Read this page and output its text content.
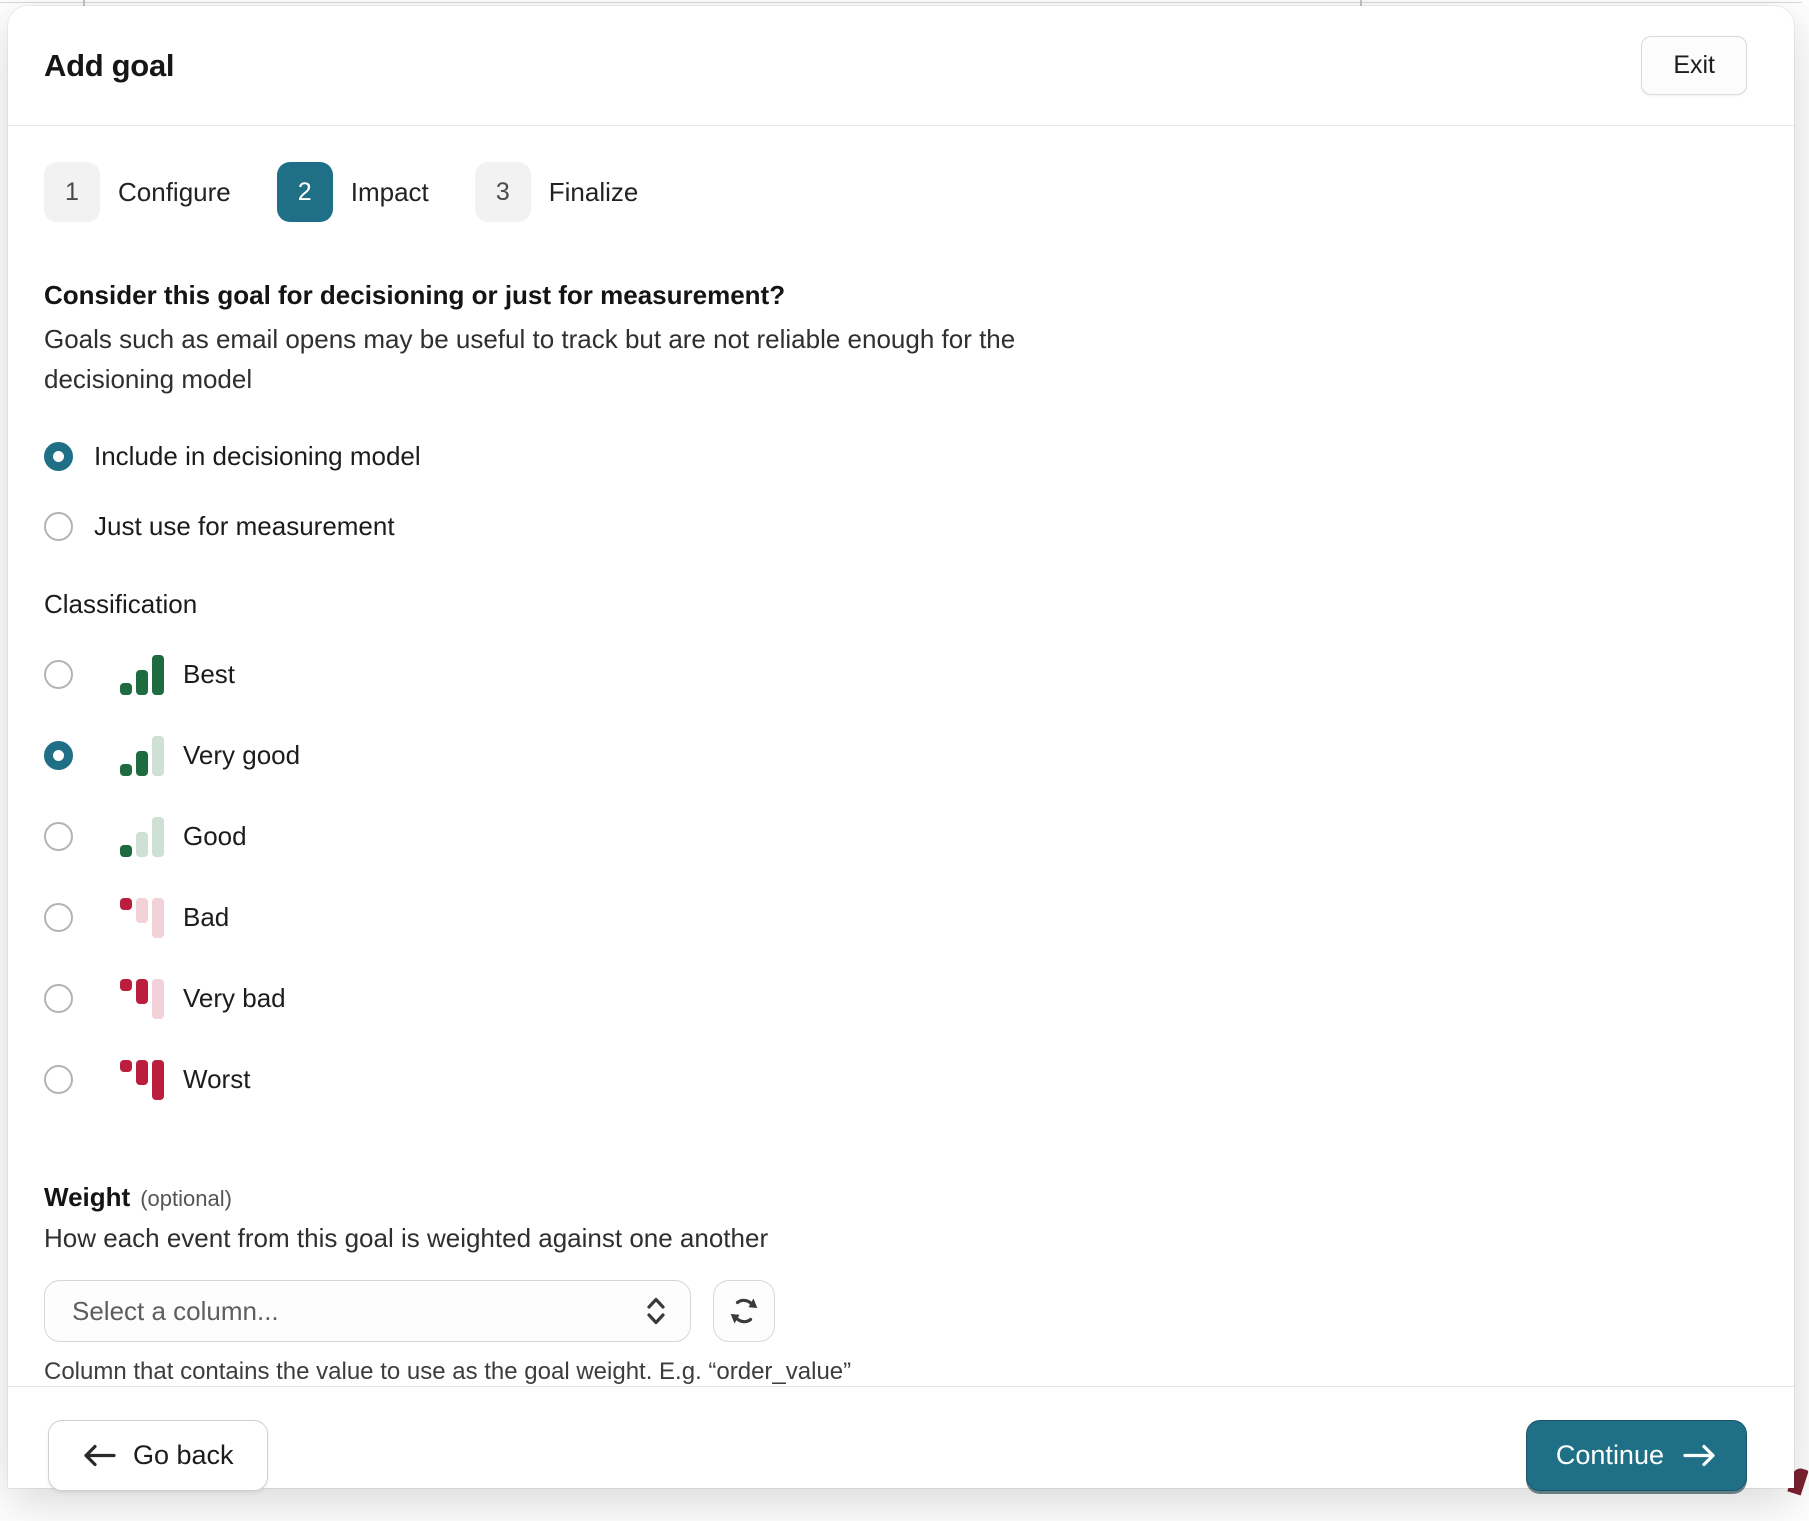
Add goal	Exit
1	Configure	2	Impact	3	Finalize
Consider this goal for decisioning or just for measurement?
Goals such as email opens may be useful to track but are not reliable enough for the decisioning model
Include in decisioning model
Just use for measurement
Classification
Best
Very good
Good
Bad
Very bad
Worst
Weight (optional)
How each event from this goal is weighted against one another
Select a column...
Column that contains the value to use as the goal weight. E.g. “order_value”
Go back	Continue
